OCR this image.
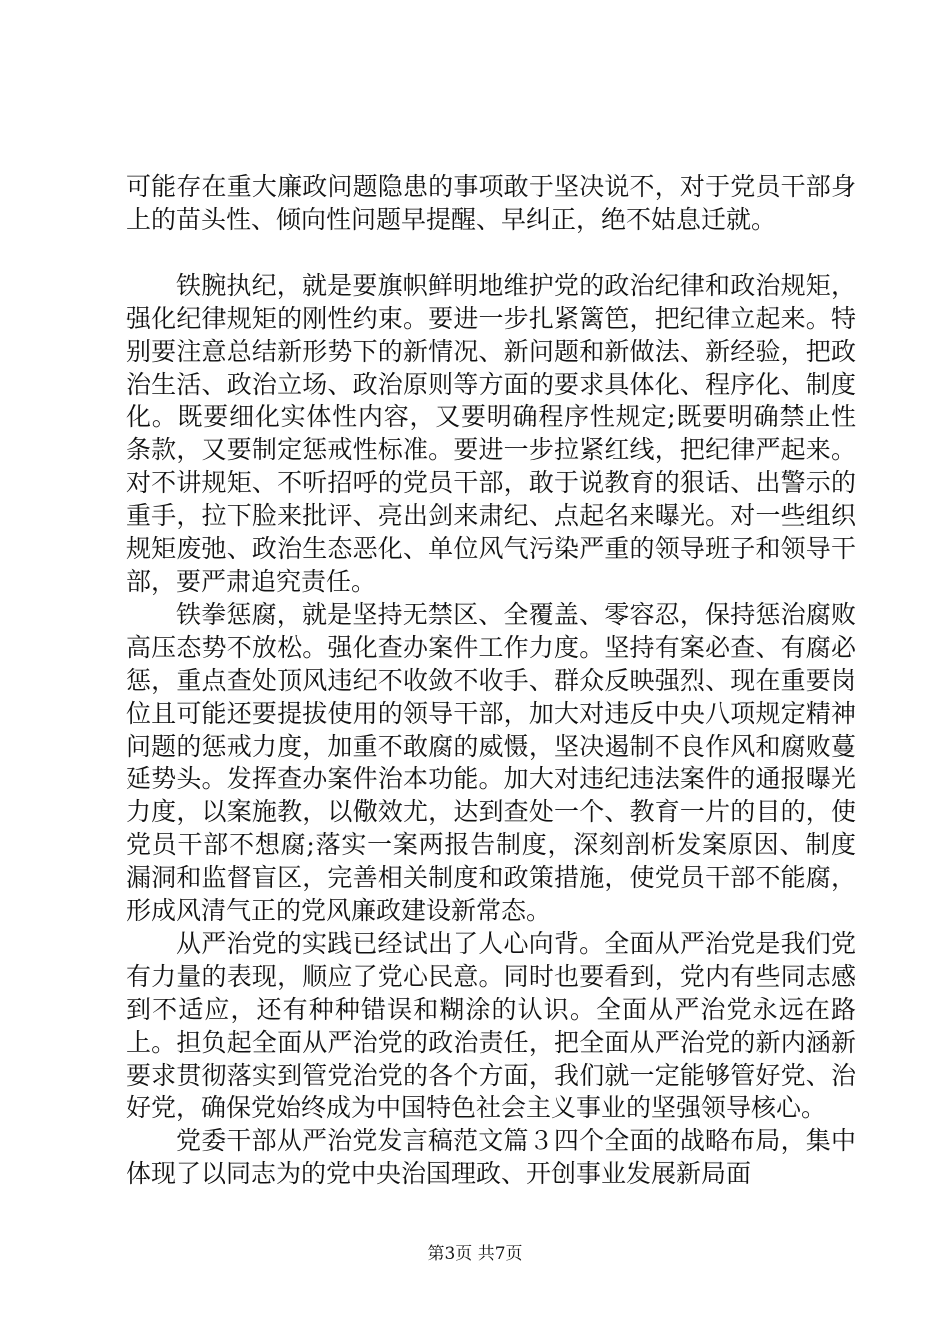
可能存在重大廉政问题隐患的事项敢于坚决说不，对于党员干部身上的苗头性、倾向性问题早提醒、早纠正，绝不姑息迁就。

铁腕执纪，就是要旗帜鲜明地维护党的政治纪律和政治规矩，强化纪律规矩的刚性约束。要进一步扎紧篱笆，把纪律立起来。特别要注意总结新形势下的新情况、新问题和新做法、新经验，把政治生活、政治立场、政治原则等方面的要求具体化、程序化、制度化。既要细化实体性内容，又要明确程序性规定;既要明确禁止性条款，又要制定惩戒性标准。要进一步拉紧红线，把纪律严起来。对不讲规矩、不听招呼的党员干部，敢于说教育的狠话、出警示的重手，拉下脸来批评、亮出剑来肃纪、点起名来曝光。对一些组织规矩废弛、政治生态恶化、单位风气污染严重的领导班子和领导干部，要严肃追究责任。

铁拳惩腐，就是坚持无禁区、全覆盖、零容忍，保持惩治腐败高压态势不放松。强化查办案件工作力度。坚持有案必查、有腐必惩，重点查处顶风违纪不收敛不收手、群众反映强烈、现在重要岗位且可能还要提拔使用的领导干部，加大对违反中央八项规定精神问题的惩戒力度，加重不敢腐的威慑，坚决遏制不良作风和腐败蔓延势头。发挥查办案件治本功能。加大对违纪违法案件的通报曝光力度，以案施教，以儆效尤，达到查处一个、教育一片的目的，使党员干部不想腐;落实一案两报告制度，深刻剖析发案原因、制度漏洞和监督盲区，完善相关制度和政策措施，使党员干部不能腐，形成风清气正的党风廉政建设新常态。

从严治党的实践已经试出了人心向背。全面从严治党是我们党有力量的表现，顺应了党心民意。同时也要看到，党内有些同志感到不适应，还有种种错误和糊涂的认识。全面从严治党永远在路上。担负起全面从严治党的政治责任，把全面从严治党的新内涵新要求贯彻落实到管党治党的各个方面，我们就一定能够管好党、治好党，确保党始终成为中国特色社会主义事业的坚强领导核心。

党委干部从严治党发言稿范文篇３四个全面的战略布局，集中体现了以同志为的党中央治国理政、开创事业发展新局面

第3页 共7页
